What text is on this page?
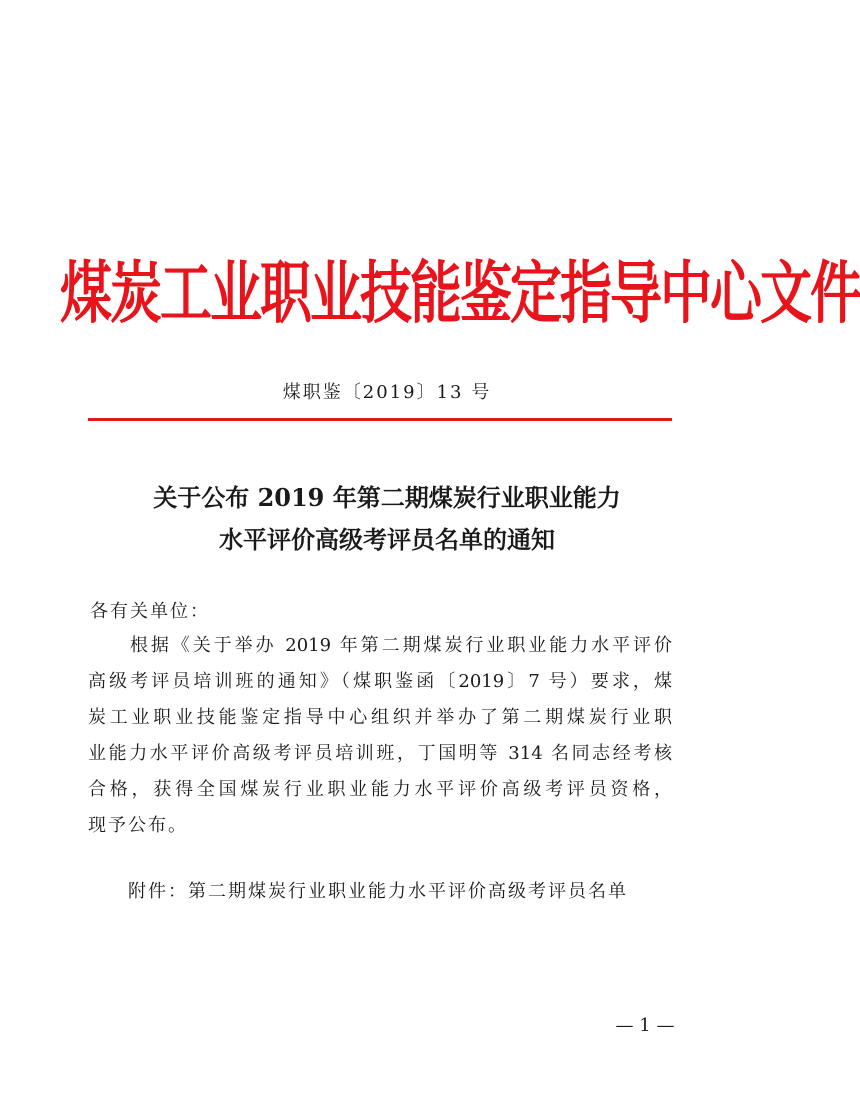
煤炭工业职业技能鉴定指导中心文件
煤职鉴〔2019〕13 号
关于公布 2019 年第二期煤炭行业职业能力
水平评价高级考评员名单的通知
各有关单位：
　　根据《关于举办 2019 年第二期煤炭行业职业能力水平评价
高级考评员培训班的通知》（煤职鉴函〔2019〕7 号）要求，煤
炭工业职业技能鉴定指导中心组织并举办了第二期煤炭行业职
业能力水平评价高级考评员培训班，丁国明等 314 名同志经考核
合格，获得全国煤炭行业职业能力水平评价高级考评员资格，
现予公布。
附件：第二期煤炭行业职业能力水平评价高级考评员名单
— 1 —
